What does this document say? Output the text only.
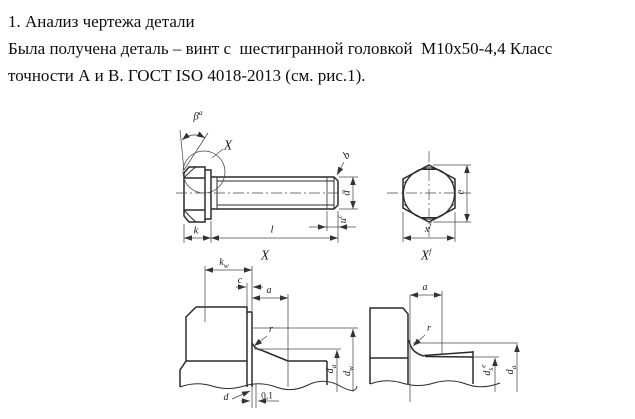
1. Анализ чертежа детали

Была получена деталь – винт с  шестигранной головкой  М10х50-4,4 Класс

точности А и В. ГОСТ ISO 4018-2013 (см. рис.1).

$\beta^a$
X
b
d
$u^c$
k	l
X
e
$x^f$
$X^f$
$k_w$
c
a
r
$d_a$
$d_w$
d	0,1
a
r
$d_s^e$
$d_a$
